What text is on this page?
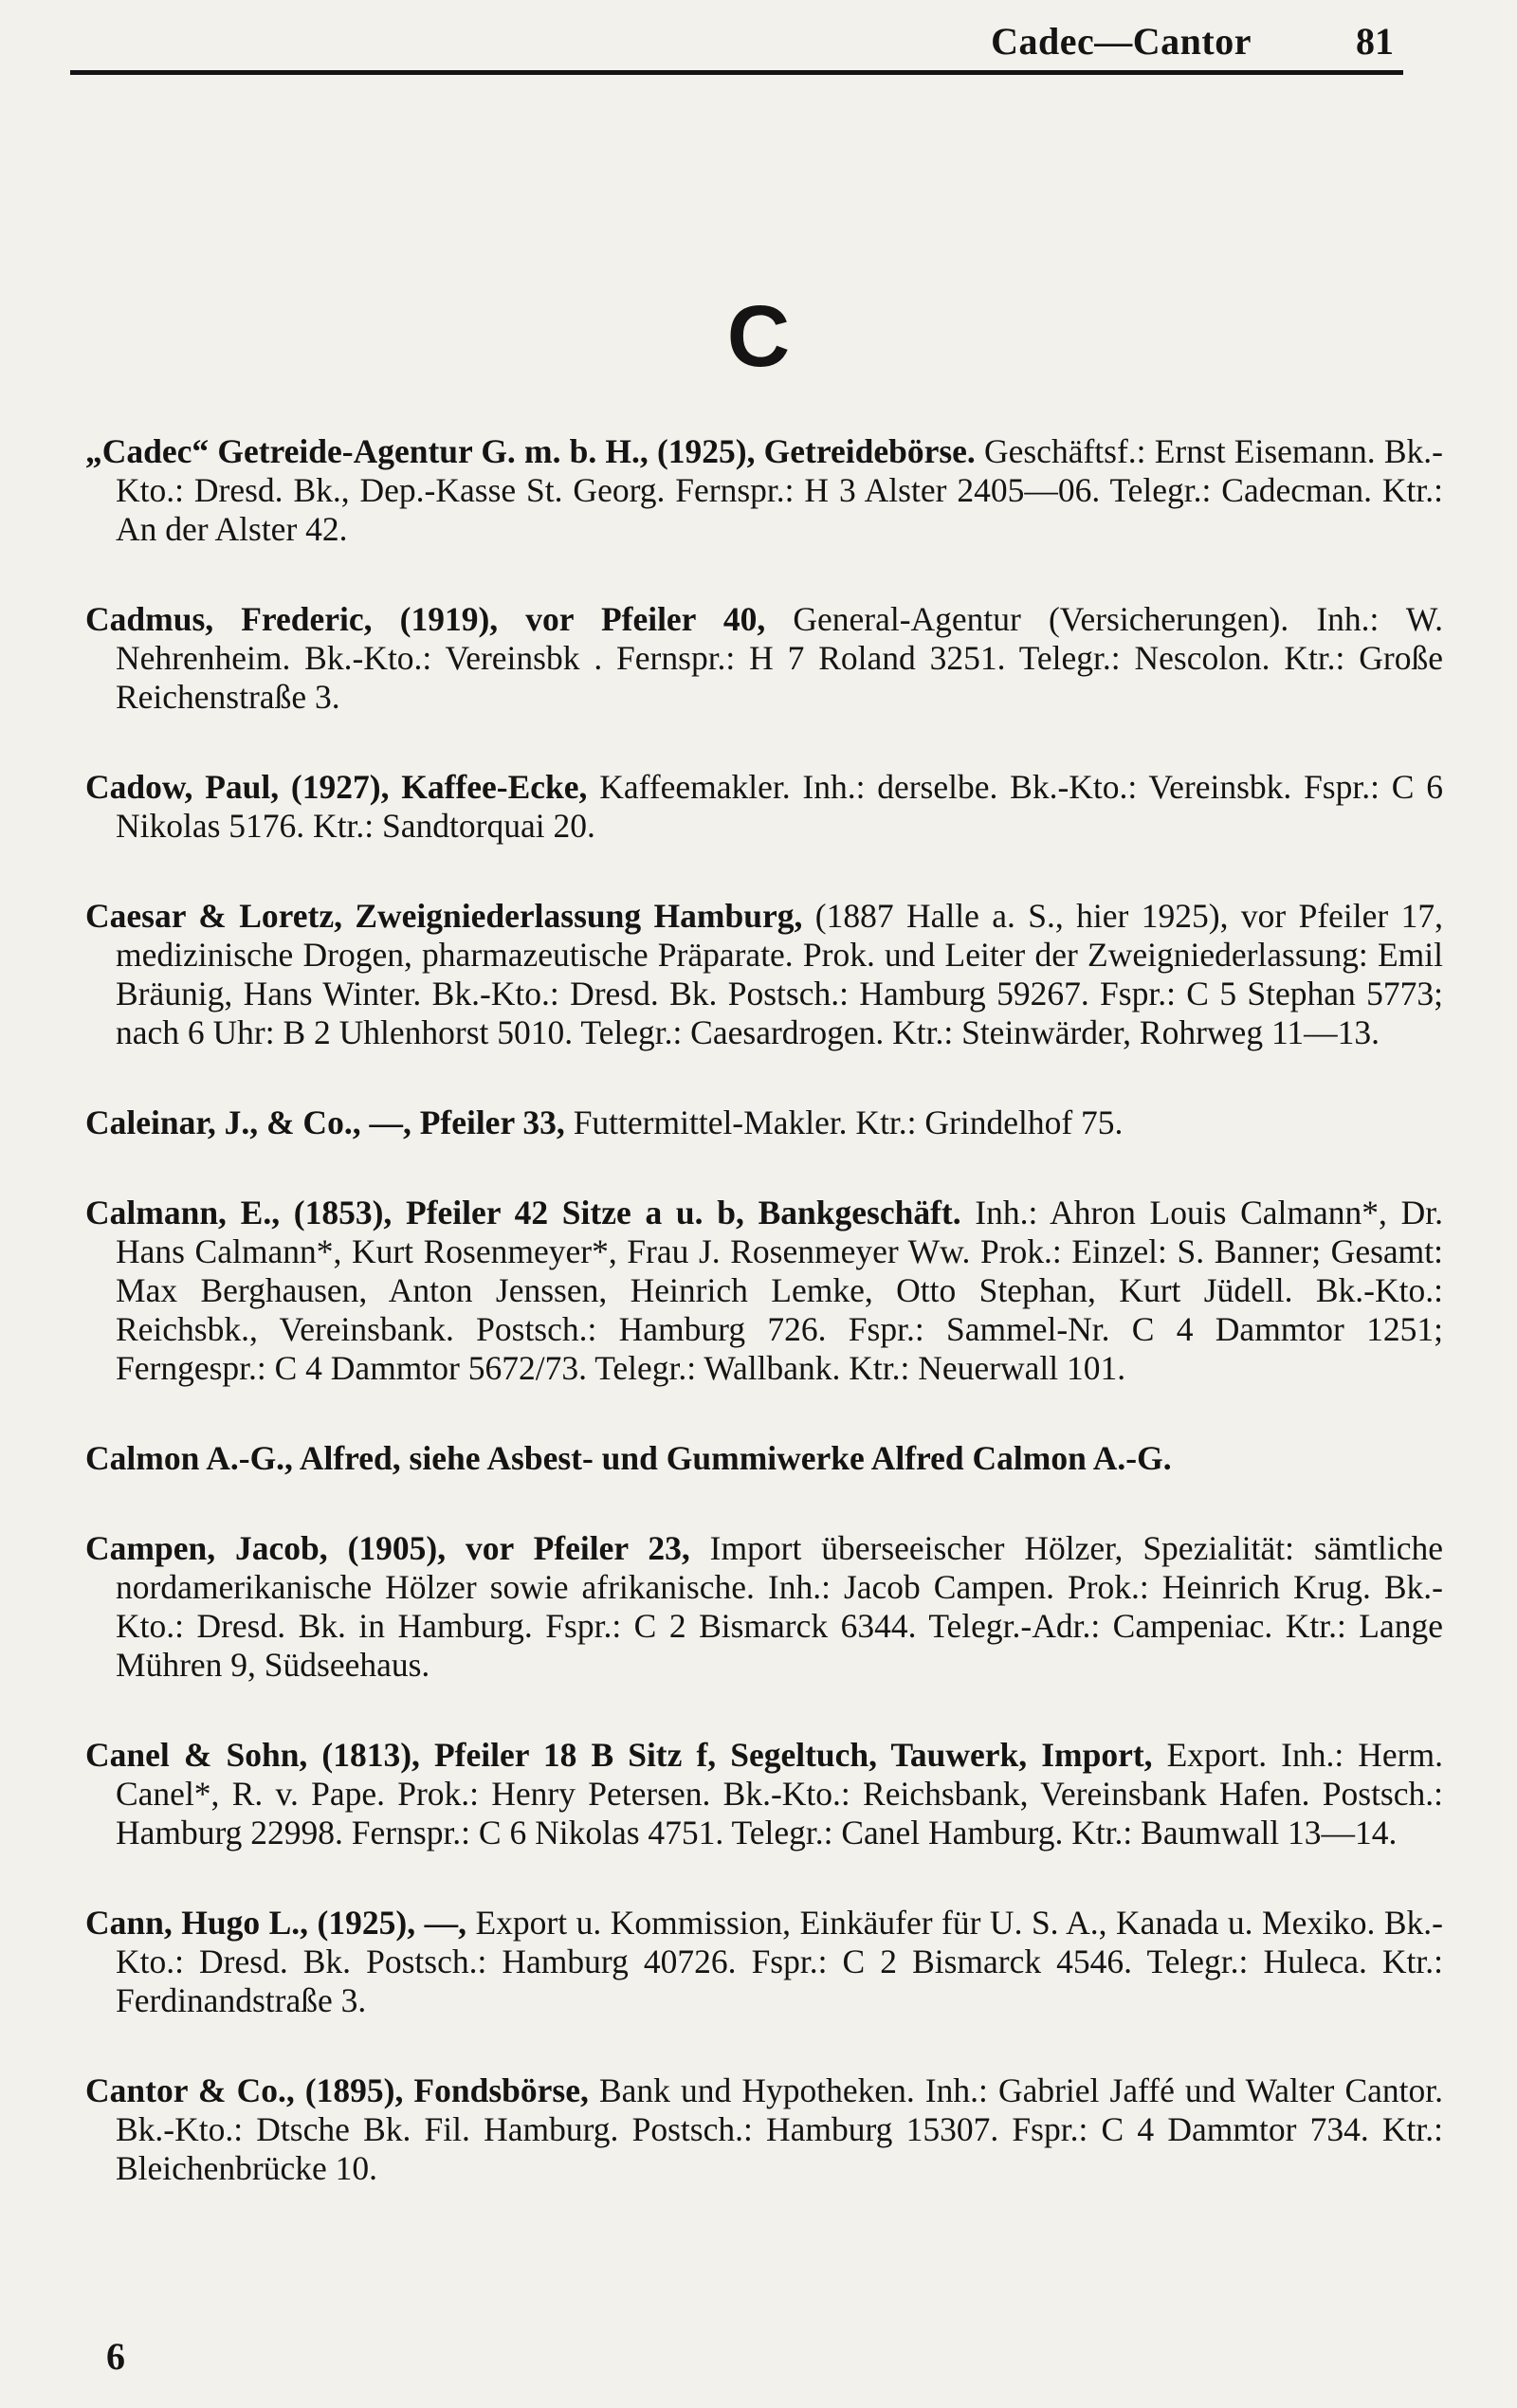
Cadec—Cantor	81
C

„Cadec“ Getreide-Agentur G. m. b. H., (1925), Getreidebörse. Geschäftsf.: Ernst Eisemann. Bk.-Kto.: Dresd. Bk., Dep.-Kasse St. Georg. Fernspr.: H 3 Alster 2405—06. Telegr.: Cadecman. Ktr.: An der Alster 42.

Cadmus, Frederic, (1919), vor Pfeiler 40, General-Agentur (Versicherungen). Inh.: W. Nehrenheim. Bk.-Kto.: Vereinsbk . Fernspr.: H 7 Roland 3251. Telegr.: Nescolon. Ktr.: Große Reichenstraße 3.

Cadow, Paul, (1927), Kaffee-Ecke, Kaffeemakler. Inh.: derselbe. Bk.-Kto.: Vereinsbk. Fspr.: C 6 Nikolas 5176. Ktr.: Sandtorquai 20.

Caesar & Loretz, Zweigniederlassung Hamburg, (1887 Halle a. S., hier 1925), vor Pfeiler 17, medizinische Drogen, pharmazeutische Präparate. Prok. und Leiter der Zweigniederlassung: Emil Bräunig, Hans Winter. Bk.-Kto.: Dresd. Bk. Postsch.: Hamburg 59267. Fspr.: C 5 Stephan 5773; nach 6 Uhr: B 2 Uhlenhorst 5010. Telegr.: Caesardrogen. Ktr.: Steinwärder, Rohrweg 11—13.

Caleinar, J., & Co., —, Pfeiler 33, Futtermittel-Makler. Ktr.: Grindelhof 75.

Calmann, E., (1853), Pfeiler 42 Sitze a u. b, Bankgeschäft. Inh.: Ahron Louis Calmann*, Dr. Hans Calmann*, Kurt Rosenmeyer*, Frau J. Rosenmeyer Ww. Prok.: Einzel: S. Banner; Gesamt: Max Berghausen, Anton Jenssen, Heinrich Lemke, Otto Stephan, Kurt Jüdell. Bk.-Kto.: Reichsbk., Vereinsbank. Postsch.: Hamburg 726. Fspr.: Sammel-Nr. C 4 Dammtor 1251; Ferngespr.: C 4 Dammtor 5672/73. Telegr.: Wallbank. Ktr.: Neuerwall 101.

Calmon A.-G., Alfred, siehe Asbest- und Gummiwerke Alfred Calmon A.-G.

Campen, Jacob, (1905), vor Pfeiler 23, Import überseeischer Hölzer, Spezialität: sämtliche nordamerikanische Hölzer sowie afrikanische. Inh.: Jacob Campen. Prok.: Heinrich Krug. Bk.-Kto.: Dresd. Bk. in Hamburg. Fspr.: C 2 Bismarck 6344. Telegr.-Adr.: Campeniac. Ktr.: Lange Mühren 9, Südseehaus.

Canel & Sohn, (1813), Pfeiler 18 B Sitz f, Segeltuch, Tauwerk, Import, Export. Inh.: Herm. Canel*, R. v. Pape. Prok.: Henry Petersen. Bk.-Kto.: Reichsbank, Vereinsbank Hafen. Postsch.: Hamburg 22998. Fernspr.: C 6 Nikolas 4751. Telegr.: Canel Hamburg. Ktr.: Baumwall 13—14.

Cann, Hugo L., (1925), —, Export u. Kommission, Einkäufer für U. S. A., Kanada u. Mexiko. Bk.-Kto.: Dresd. Bk. Postsch.: Hamburg 40726. Fspr.: C 2 Bismarck 4546. Telegr.: Huleca. Ktr.: Ferdinandstraße 3.

Cantor & Co., (1895), Fondsbörse, Bank und Hypotheken. Inh.: Gabriel Jaffé und Walter Cantor. Bk.-Kto.: Dtsche Bk. Fil. Hamburg. Postsch.: Hamburg 15307. Fspr.: C 4 Dammtor 734. Ktr.: Bleichenbrücke 10.

6
